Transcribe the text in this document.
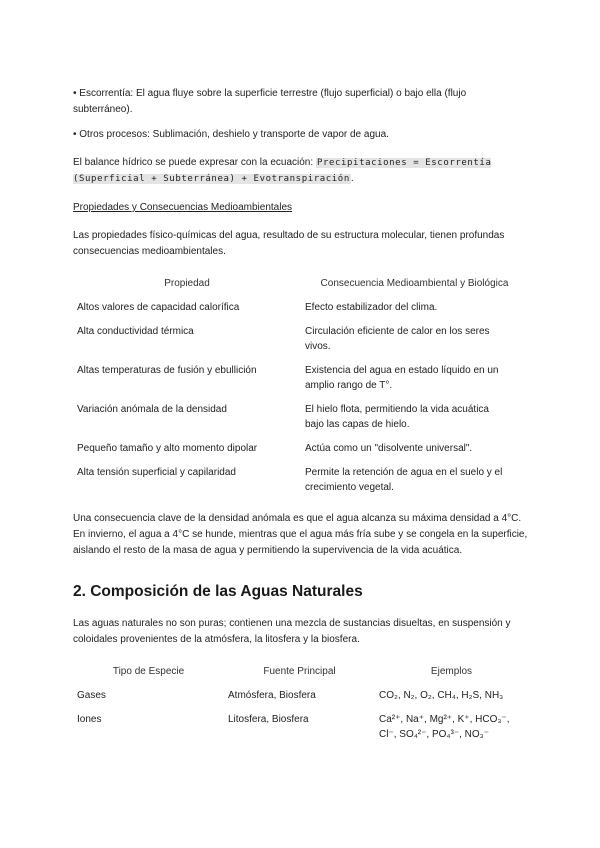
• Escorrentía: El agua fluye sobre la superficie terrestre (flujo superficial) o bajo ella (flujo subterráneo).

• Otros procesos: Sublimación, deshielo y transporte de vapor de agua.

El balance hídrico se puede expresar con la ecuación: Precipitaciones = Escorrentía (Superficial + Subterránea) + Evotranspiración.

Propiedades y Consecuencias Medioambientales

Las propiedades físico-químicas del agua, resultado de su estructura molecular, tienen profundas consecuencias medioambientales.

Propiedad	Consecuencia Medioambiental y Biológica
Altos valores de capacidad calorífica	Efecto estabilizador del clima.
Alta conductividad térmica	Circulación eficiente de calor en los seres vivos.
Altas temperaturas de fusión y ebullición	Existencia del agua en estado líquido en un amplio rango de T°.
Variación anómala de la densidad	El hielo flota, permitiendo la vida acuática bajo las capas de hielo.
Pequeño tamaño y alto momento dipolar	Actúa como un "disolvente universal".
Alta tensión superficial y capilaridad	Permite la retención de agua en el suelo y el crecimiento vegetal.

Una consecuencia clave de la densidad anómala es que el agua alcanza su máxima densidad a 4°C. En invierno, el agua a 4°C se hunde, mientras que el agua más fría sube y se congela en la superficie, aislando el resto de la masa de agua y permitiendo la supervivencia de la vida acuática.

2. Composición de las Aguas Naturales

Las aguas naturales no son puras; contienen una mezcla de sustancias disueltas, en suspensión y coloidales provenientes de la atmósfera, la litosfera y la biosfera.

Tipo de Especie	Fuente Principal	Ejemplos
Gases	Atmósfera, Biosfera	CO₂, N₂, O₂, CH₄, H₂S, NH₃
Iones	Litosfera, Biosfera	Ca²⁺, Na⁺, Mg²⁺, K⁺, HCO₃⁻, Cl⁻, SO₄²⁻, PO₄³⁻, NO₃⁻
